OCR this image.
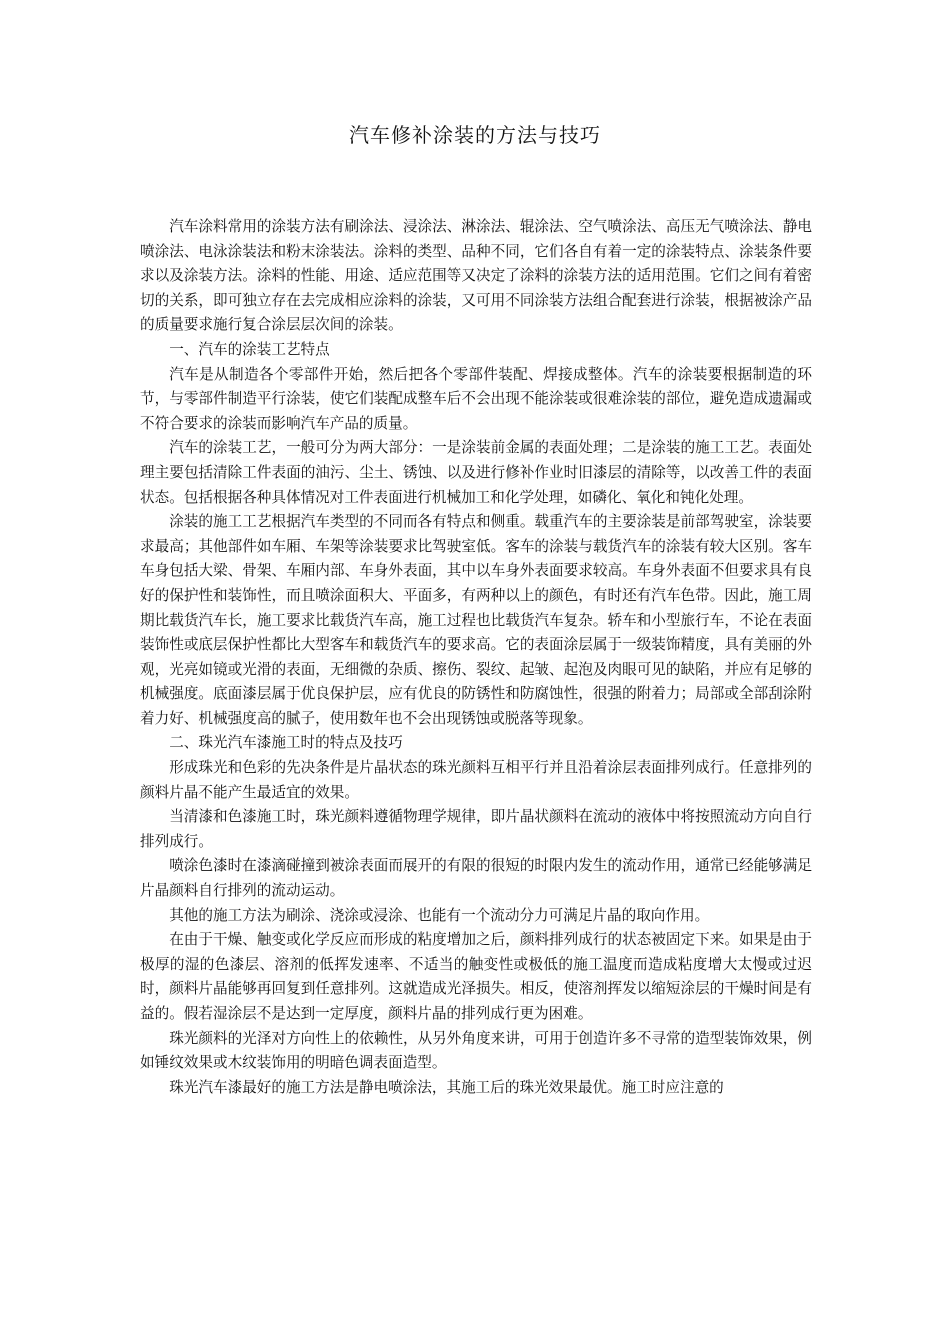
汽车修补涂装的方法与技巧

汽车涂料常用的涂装方法有刷涂法、浸涂法、淋涂法、辊涂法、空气喷涂法、高压无气喷涂法、静电喷涂法、电泳涂装法和粉末涂装法。涂料的类型、品种不同，它们各自有着一定的涂装特点、涂装条件要求以及涂装方法。涂料的性能、用途、适应范围等又决定了涂料的涂装方法的适用范围。它们之间有着密切的关系，即可独立存在去完成相应涂料的涂装，又可用不同涂装方法组合配套进行涂装，根据被涂产品的质量要求施行复合涂层层次间的涂装。

一、汽车的涂装工艺特点

汽车是从制造各个零部件开始，然后把各个零部件装配、焊接成整体。汽车的涂装要根据制造的环节，与零部件制造平行涂装，使它们装配成整车后不会出现不能涂装或很难涂装的部位，避免造成遗漏或不符合要求的涂装而影响汽车产品的质量。

汽车的涂装工艺，一般可分为两大部分：一是涂装前金属的表面处理；二是涂装的施工工艺。表面处理主要包括清除工件表面的油污、尘土、锈蚀、以及进行修补作业时旧漆层的清除等，以改善工件的表面状态。包括根据各种具体情况对工件表面进行机械加工和化学处理，如磷化、氧化和钝化处理。

涂装的施工工艺根据汽车类型的不同而各有特点和侧重。载重汽车的主要涂装是前部驾驶室，涂装要求最高；其他部件如车厢、车架等涂装要求比驾驶室低。客车的涂装与载货汽车的涂装有较大区别。客车车身包括大梁、骨架、车厢内部、车身外表面，其中以车身外表面要求较高。车身外表面不但要求具有良好的保护性和装饰性，而且喷涂面积大、平面多，有两种以上的颜色，有时还有汽车色带。因此，施工周期比载货汽车长，施工要求比载货汽车高，施工过程也比载货汽车复杂。轿车和小型旅行车，不论在表面装饰性或底层保护性都比大型客车和载货汽车的要求高。它的表面涂层属于一级装饰精度，具有美丽的外观，光亮如镜或光滑的表面，无细微的杂质、擦伤、裂纹、起皱、起泡及肉眼可见的缺陷，并应有足够的机械强度。底面漆层属于优良保护层，应有优良的防锈性和防腐蚀性，很强的附着力；局部或全部刮涂附着力好、机械强度高的腻子，使用数年也不会出现锈蚀或脱落等现象。

二、珠光汽车漆施工时的特点及技巧

形成珠光和色彩的先决条件是片晶状态的珠光颜料互相平行并且沿着涂层表面排列成行。任意排列的颜料片晶不能产生最适宜的效果。

当清漆和色漆施工时，珠光颜料遵循物理学规律，即片晶状颜料在流动的液体中将按照流动方向自行排列成行。

喷涂色漆时在漆滴碰撞到被涂表面而展开的有限的很短的时限内发生的流动作用，通常已经能够满足片晶颜料自行排列的流动运动。

其他的施工方法为刷涂、浇涂或浸涂、也能有一个流动分力可满足片晶的取向作用。

在由于干燥、触变或化学反应而形成的粘度增加之后，颜料排列成行的状态被固定下来。如果是由于极厚的湿的色漆层、溶剂的低挥发速率、不适当的触变性或极低的施工温度而造成粘度增大太慢或过迟时，颜料片晶能够再回复到任意排列。这就造成光泽损失。相反，使溶剂挥发以缩短涂层的干燥时间是有益的。假若湿涂层不是达到一定厚度，颜料片晶的排列成行更为困难。

珠光颜料的光泽对方向性上的依赖性，从另外角度来讲，可用于创造许多不寻常的造型装饰效果，例如锤纹效果或木纹装饰用的明暗色调表面造型。

珠光汽车漆最好的施工方法是静电喷涂法，其施工后的珠光效果最优。施工时应注意的
